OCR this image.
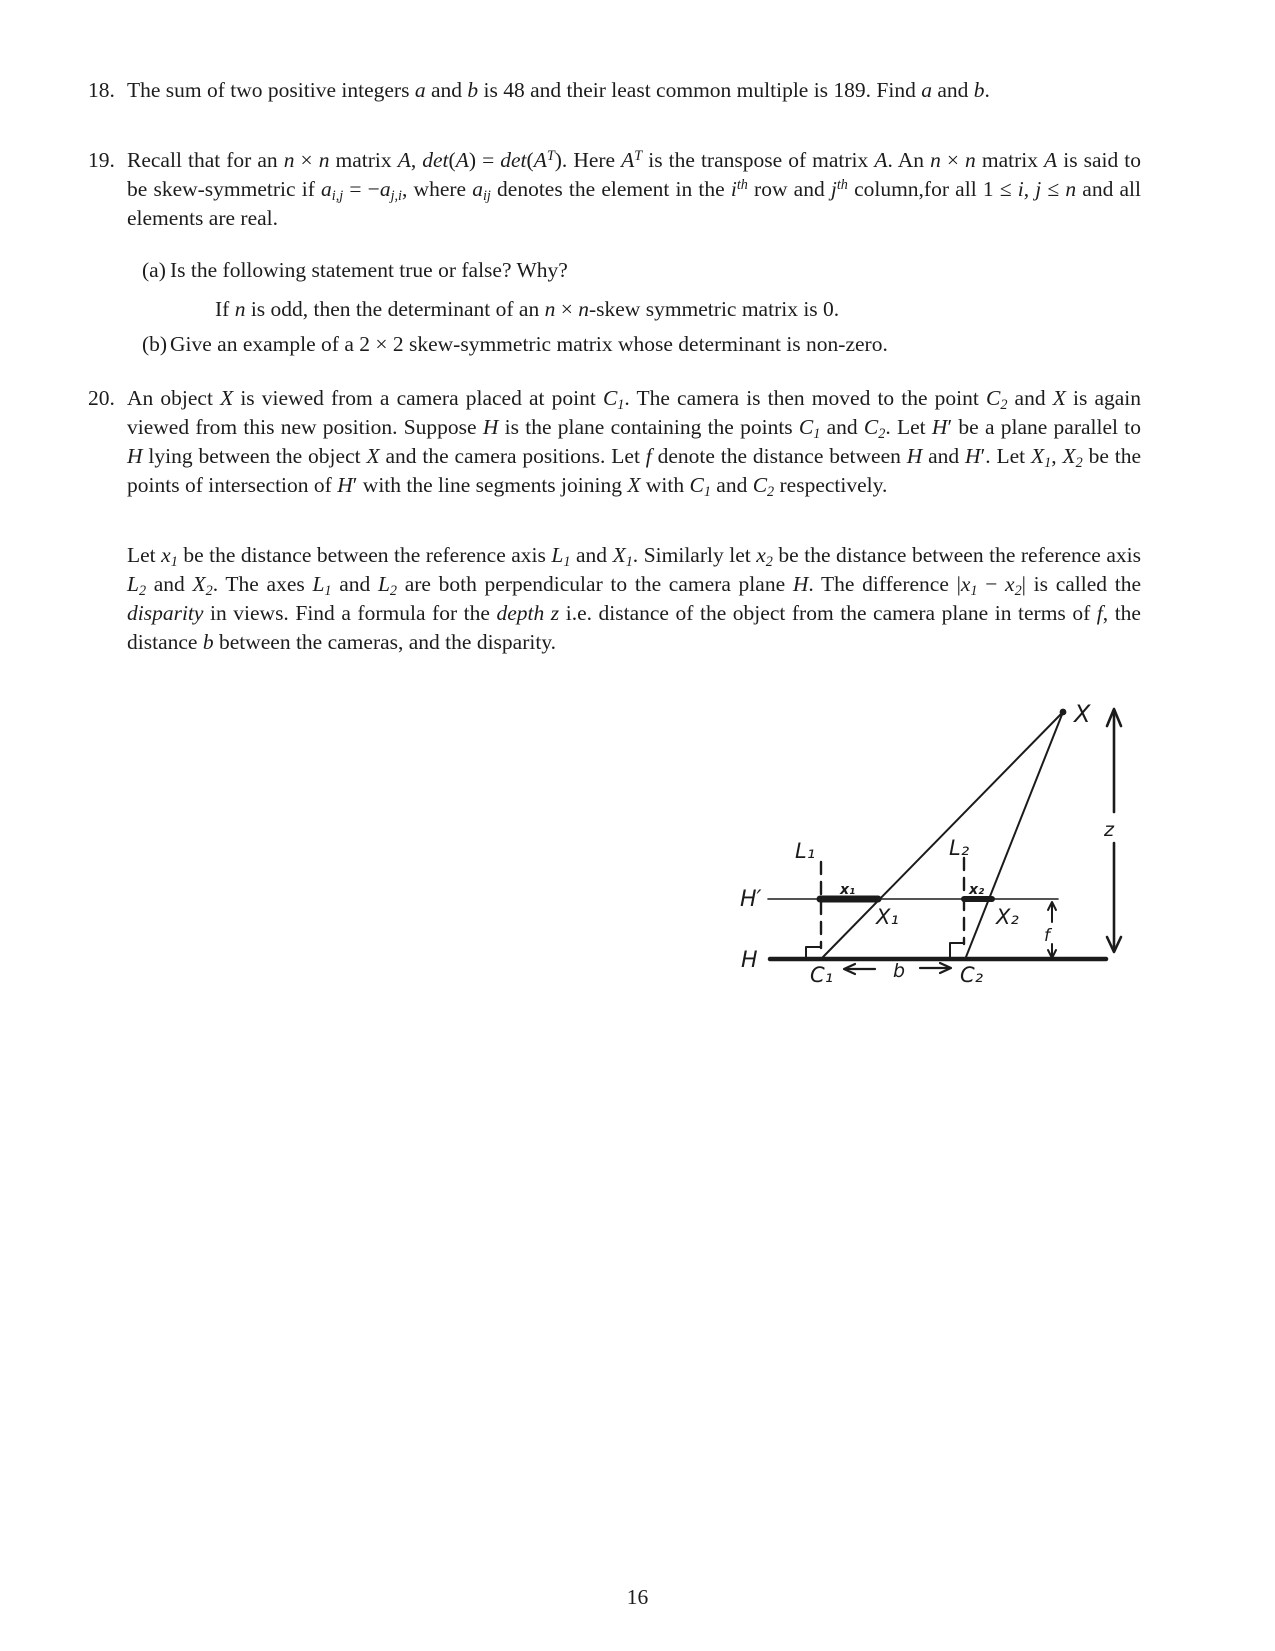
18. The sum of two positive integers a and b is 48 and their least common multiple is 189. Find a and b.
19. Recall that for an n × n matrix A, $\det(A) = \det(A^T)$. Here $A^T$ is the transpose of matrix A. An n × n matrix A is said to be skew-symmetric if $a_{i,j} = -a_{j,i}$, where $a_{ij}$ denotes the element in the $i^{th}$ row and $j^{th}$ column,for all 1 ≤ i, j ≤ n and all elements are real.
(a) Is the following statement true or false? Why?
If n is odd, then the determinant of an n × n-skew symmetric matrix is 0.
(b) Give an example of a 2 × 2 skew-symmetric matrix whose determinant is non-zero.
20. An object X is viewed from a camera placed at point $C_1$. The camera is then moved to the point $C_2$ and X is again viewed from this new position. Suppose H is the plane containing the points $C_1$ and $C_2$. Let H′ be a plane parallel to H lying between the object X and the camera positions. Let f denote the distance between H and H′. Let $X_1$, $X_2$ be the points of intersection of H′ with the line segments joining X with $C_1$ and $C_2$ respectively.
Let $x_1$ be the distance between the reference axis $L_1$ and $X_1$. Similarly let $x_2$ be the distance between the reference axis $L_2$ and $X_2$. The axes $L_1$ and $L_2$ are both perpendicular to the camera plane H. The difference $|x_1 - x_2|$ is called the disparity in views. Find a formula for the depth z i.e. distance of the object from the camera plane in terms of f, the distance b between the cameras, and the disparity.
X
L₁	L₂
H′
H
x₁	x₂
X₁	X₂
C₁	C₂
b
f
z
16
